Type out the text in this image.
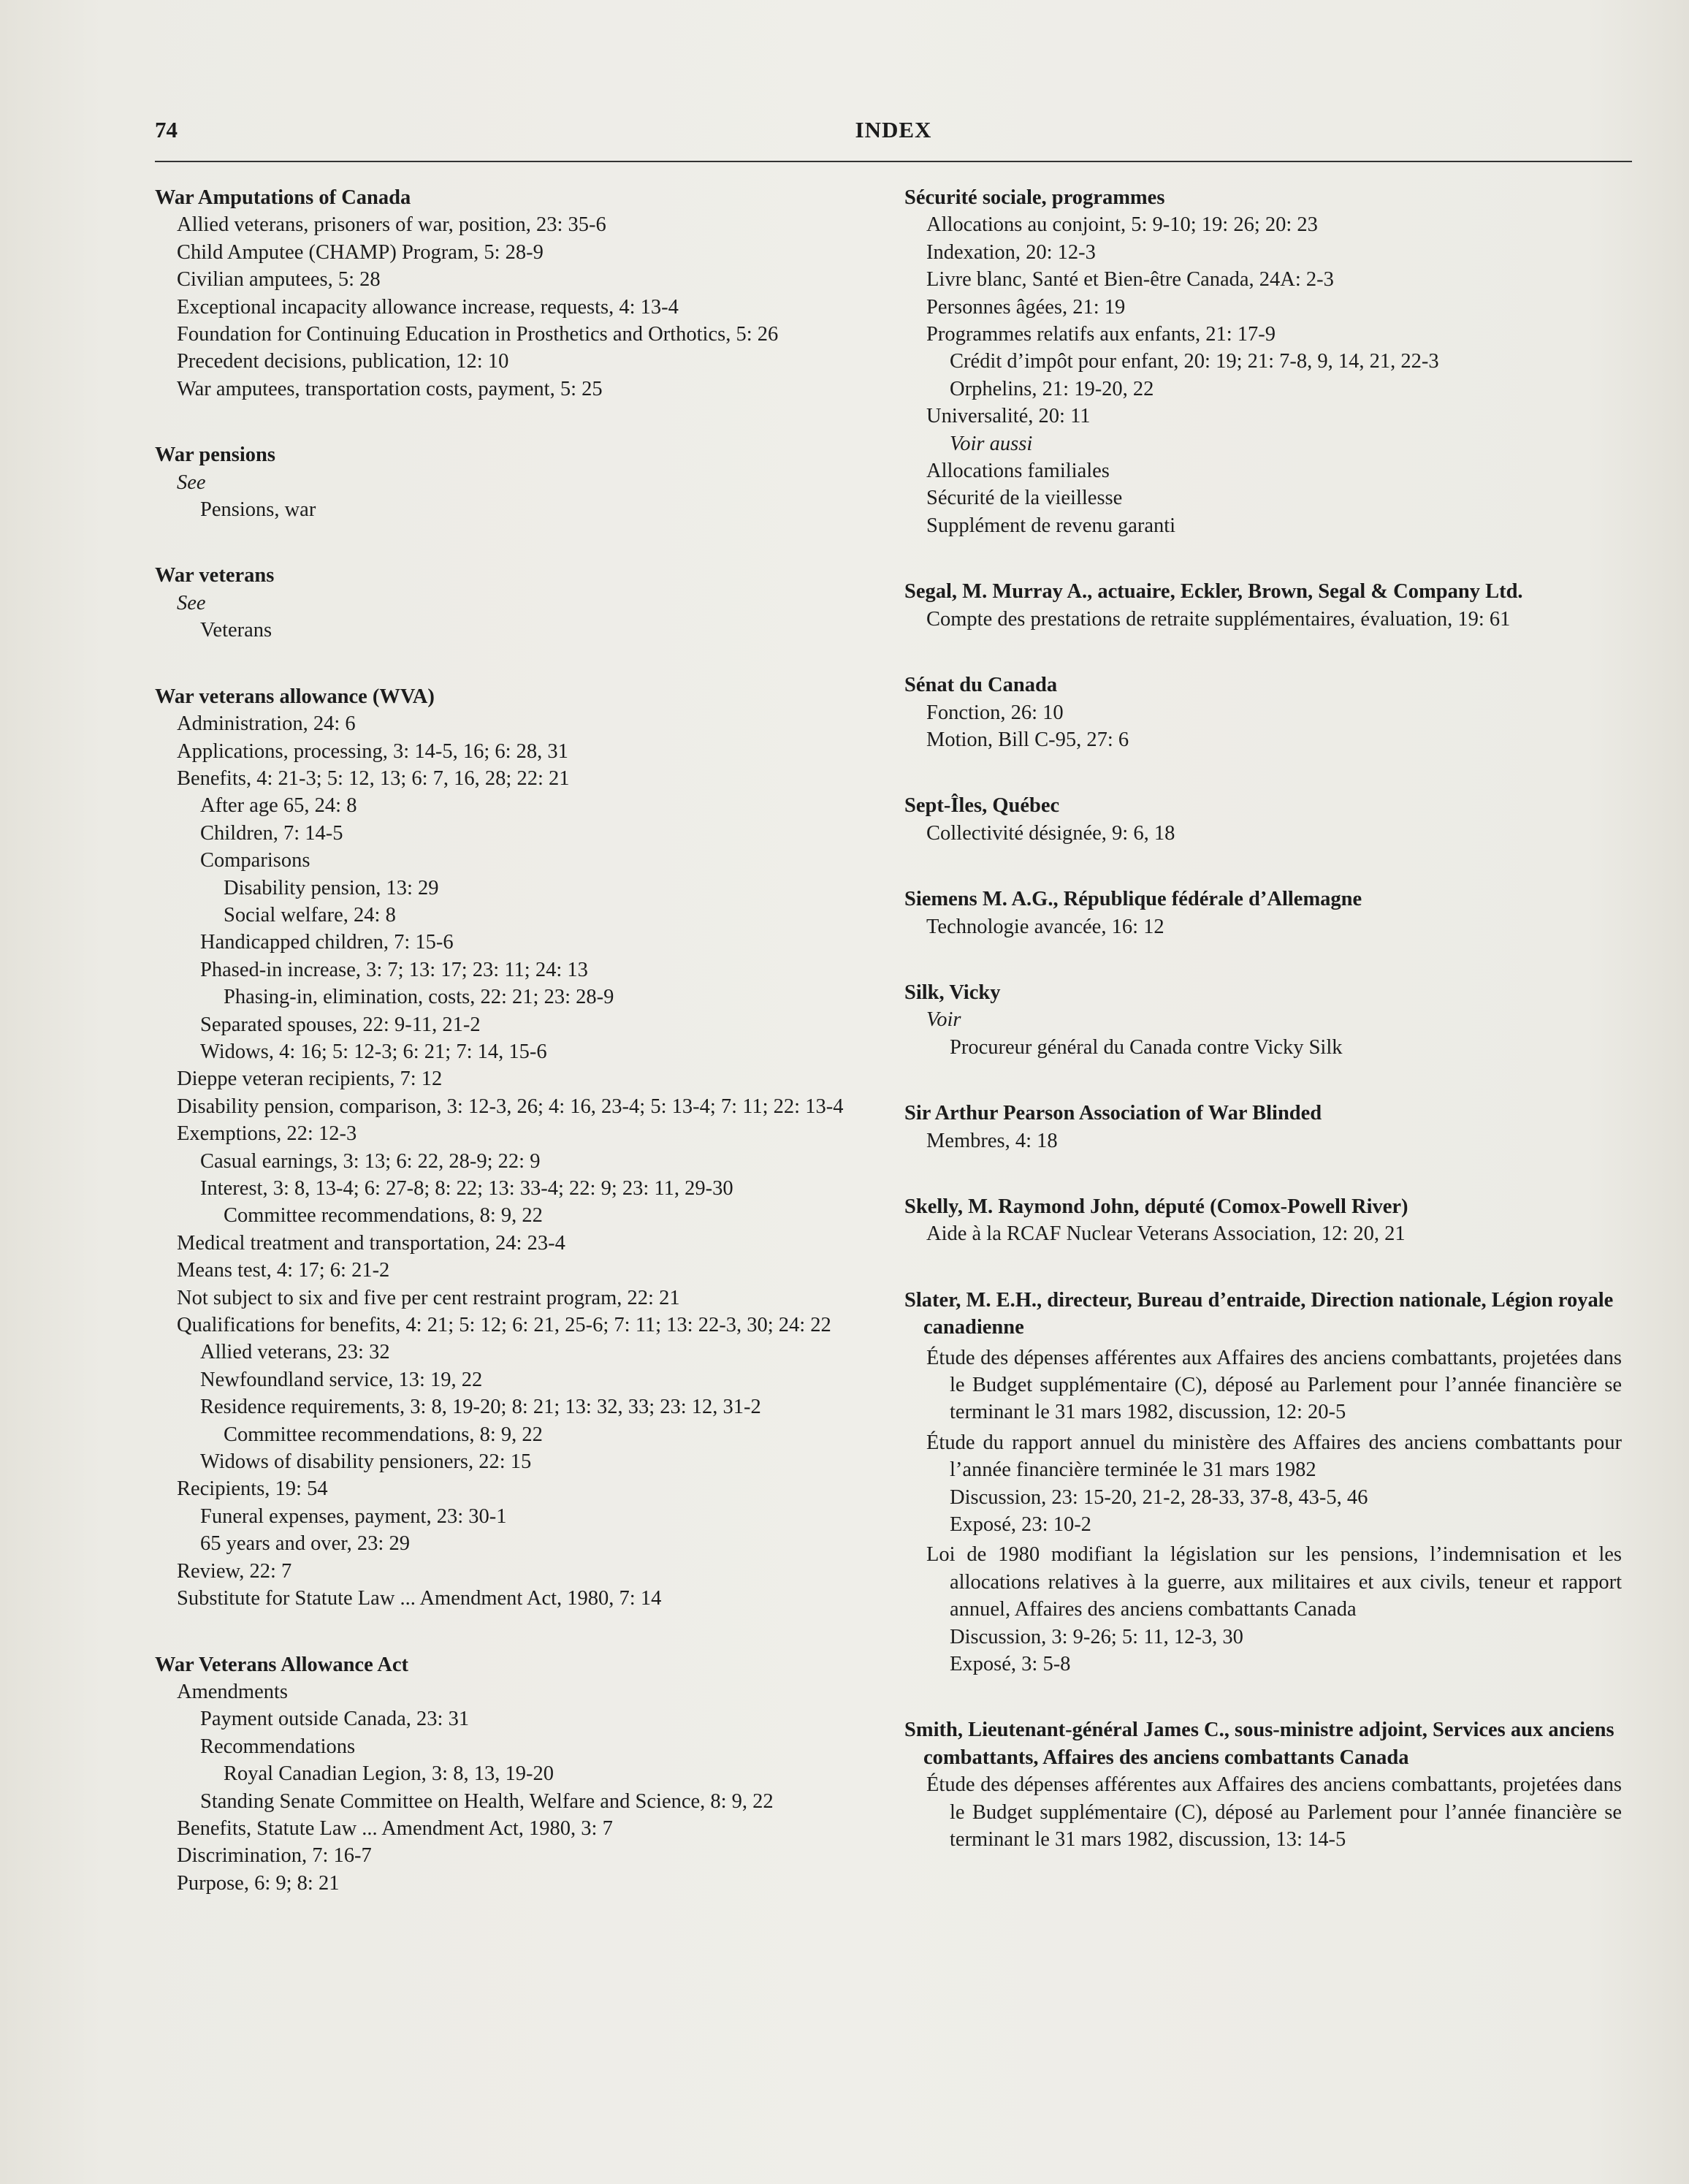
74	INDEX
War Amputations of Canada
Allied veterans, prisoners of war, position, 23: 35-6
Child Amputee (CHAMP) Program, 5: 28-9
Civilian amputees, 5: 28
Exceptional incapacity allowance increase, requests, 4: 13-4
Foundation for Continuing Education in Prosthetics and Orthotics, 5: 26
Precedent decisions, publication, 12: 10
War amputees, transportation costs, payment, 5: 25
War pensions
See
Pensions, war
War veterans
See
Veterans
War veterans allowance (WVA)
Administration, 24: 6
Applications, processing, 3: 14-5, 16; 6: 28, 31
Benefits, 4: 21-3; 5: 12, 13; 6: 7, 16, 28; 22: 21
After age 65, 24: 8
Children, 7: 14-5
Comparisons
Disability pension, 13: 29
Social welfare, 24: 8
Handicapped children, 7: 15-6
Phased-in increase, 3: 7; 13: 17; 23: 11; 24: 13
Phasing-in, elimination, costs, 22: 21; 23: 28-9
Separated spouses, 22: 9-11, 21-2
Widows, 4: 16; 5: 12-3; 6: 21; 7: 14, 15-6
Dieppe veteran recipients, 7: 12
Disability pension, comparison, 3: 12-3, 26; 4: 16, 23-4; 5: 13-4; 7: 11; 22: 13-4
Exemptions, 22: 12-3
Casual earnings, 3: 13; 6: 22, 28-9; 22: 9
Interest, 3: 8, 13-4; 6: 27-8; 8: 22; 13: 33-4; 22: 9; 23: 11, 29-30
Committee recommendations, 8: 9, 22
Medical treatment and transportation, 24: 23-4
Means test, 4: 17; 6: 21-2
Not subject to six and five per cent restraint program, 22: 21
Qualifications for benefits, 4: 21; 5: 12; 6: 21, 25-6; 7: 11; 13: 22-3, 30; 24: 22
Allied veterans, 23: 32
Newfoundland service, 13: 19, 22
Residence requirements, 3: 8, 19-20; 8: 21; 13: 32, 33; 23: 12, 31-2
Committee recommendations, 8: 9, 22
Widows of disability pensioners, 22: 15
Recipients, 19: 54
Funeral expenses, payment, 23: 30-1
65 years and over, 23: 29
Review, 22: 7
Substitute for Statute Law ... Amendment Act, 1980, 7: 14
War Veterans Allowance Act
Amendments
Payment outside Canada, 23: 31
Recommendations
Royal Canadian Legion, 3: 8, 13, 19-20
Standing Senate Committee on Health, Welfare and Science, 8: 9, 22
Benefits, Statute Law ... Amendment Act, 1980, 3: 7
Discrimination, 7: 16-7
Purpose, 6: 9; 8: 21
Sécurité sociale, programmes
Allocations au conjoint, 5: 9-10; 19: 26; 20: 23
Indexation, 20: 12-3
Livre blanc, Santé et Bien-être Canada, 24A: 2-3
Personnes âgées, 21: 19
Programmes relatifs aux enfants, 21: 17-9
Crédit d’impôt pour enfant, 20: 19; 21: 7-8, 9, 14, 21, 22-3
Orphelins, 21: 19-20, 22
Universalité, 20: 11
Voir aussi
Allocations familiales
Sécurité de la vieillesse
Supplément de revenu garanti
Segal, M. Murray A., actuaire, Eckler, Brown, Segal & Company Ltd.
Compte des prestations de retraite supplémentaires, évaluation, 19: 61
Sénat du Canada
Fonction, 26: 10
Motion, Bill C-95, 27: 6
Sept-Îles, Québec
Collectivité désignée, 9: 6, 18
Siemens M. A.G., République fédérale d’Allemagne
Technologie avancée, 16: 12
Silk, Vicky
Voir
Procureur général du Canada contre Vicky Silk
Sir Arthur Pearson Association of War Blinded
Membres, 4: 18
Skelly, M. Raymond John, député (Comox-Powell River)
Aide à la RCAF Nuclear Veterans Association, 12: 20, 21
Slater, M. E.H., directeur, Bureau d’entraide, Direction nationale, Légion royale canadienne
Étude des dépenses afférentes aux Affaires des anciens combattants, projetées dans le Budget supplémentaire (C), déposé au Parlement pour l’année financière se terminant le 31 mars 1982, discussion, 12: 20-5
Étude du rapport annuel du ministère des Affaires des anciens combattants pour l’année financière terminée le 31 mars 1982
Discussion, 23: 15-20, 21-2, 28-33, 37-8, 43-5, 46
Exposé, 23: 10-2
Loi de 1980 modifiant la législation sur les pensions, l’indemnisation et les allocations relatives à la guerre, aux militaires et aux civils, teneur et rapport annuel, Affaires des anciens combattants Canada
Discussion, 3: 9-26; 5: 11, 12-3, 30
Exposé, 3: 5-8
Smith, Lieutenant-général James C., sous-ministre adjoint, Services aux anciens combattants, Affaires des anciens combattants Canada
Étude des dépenses afférentes aux Affaires des anciens combattants, projetées dans le Budget supplémentaire (C), déposé au Parlement pour l’année financière se terminant le 31 mars 1982, discussion, 13: 14-5
